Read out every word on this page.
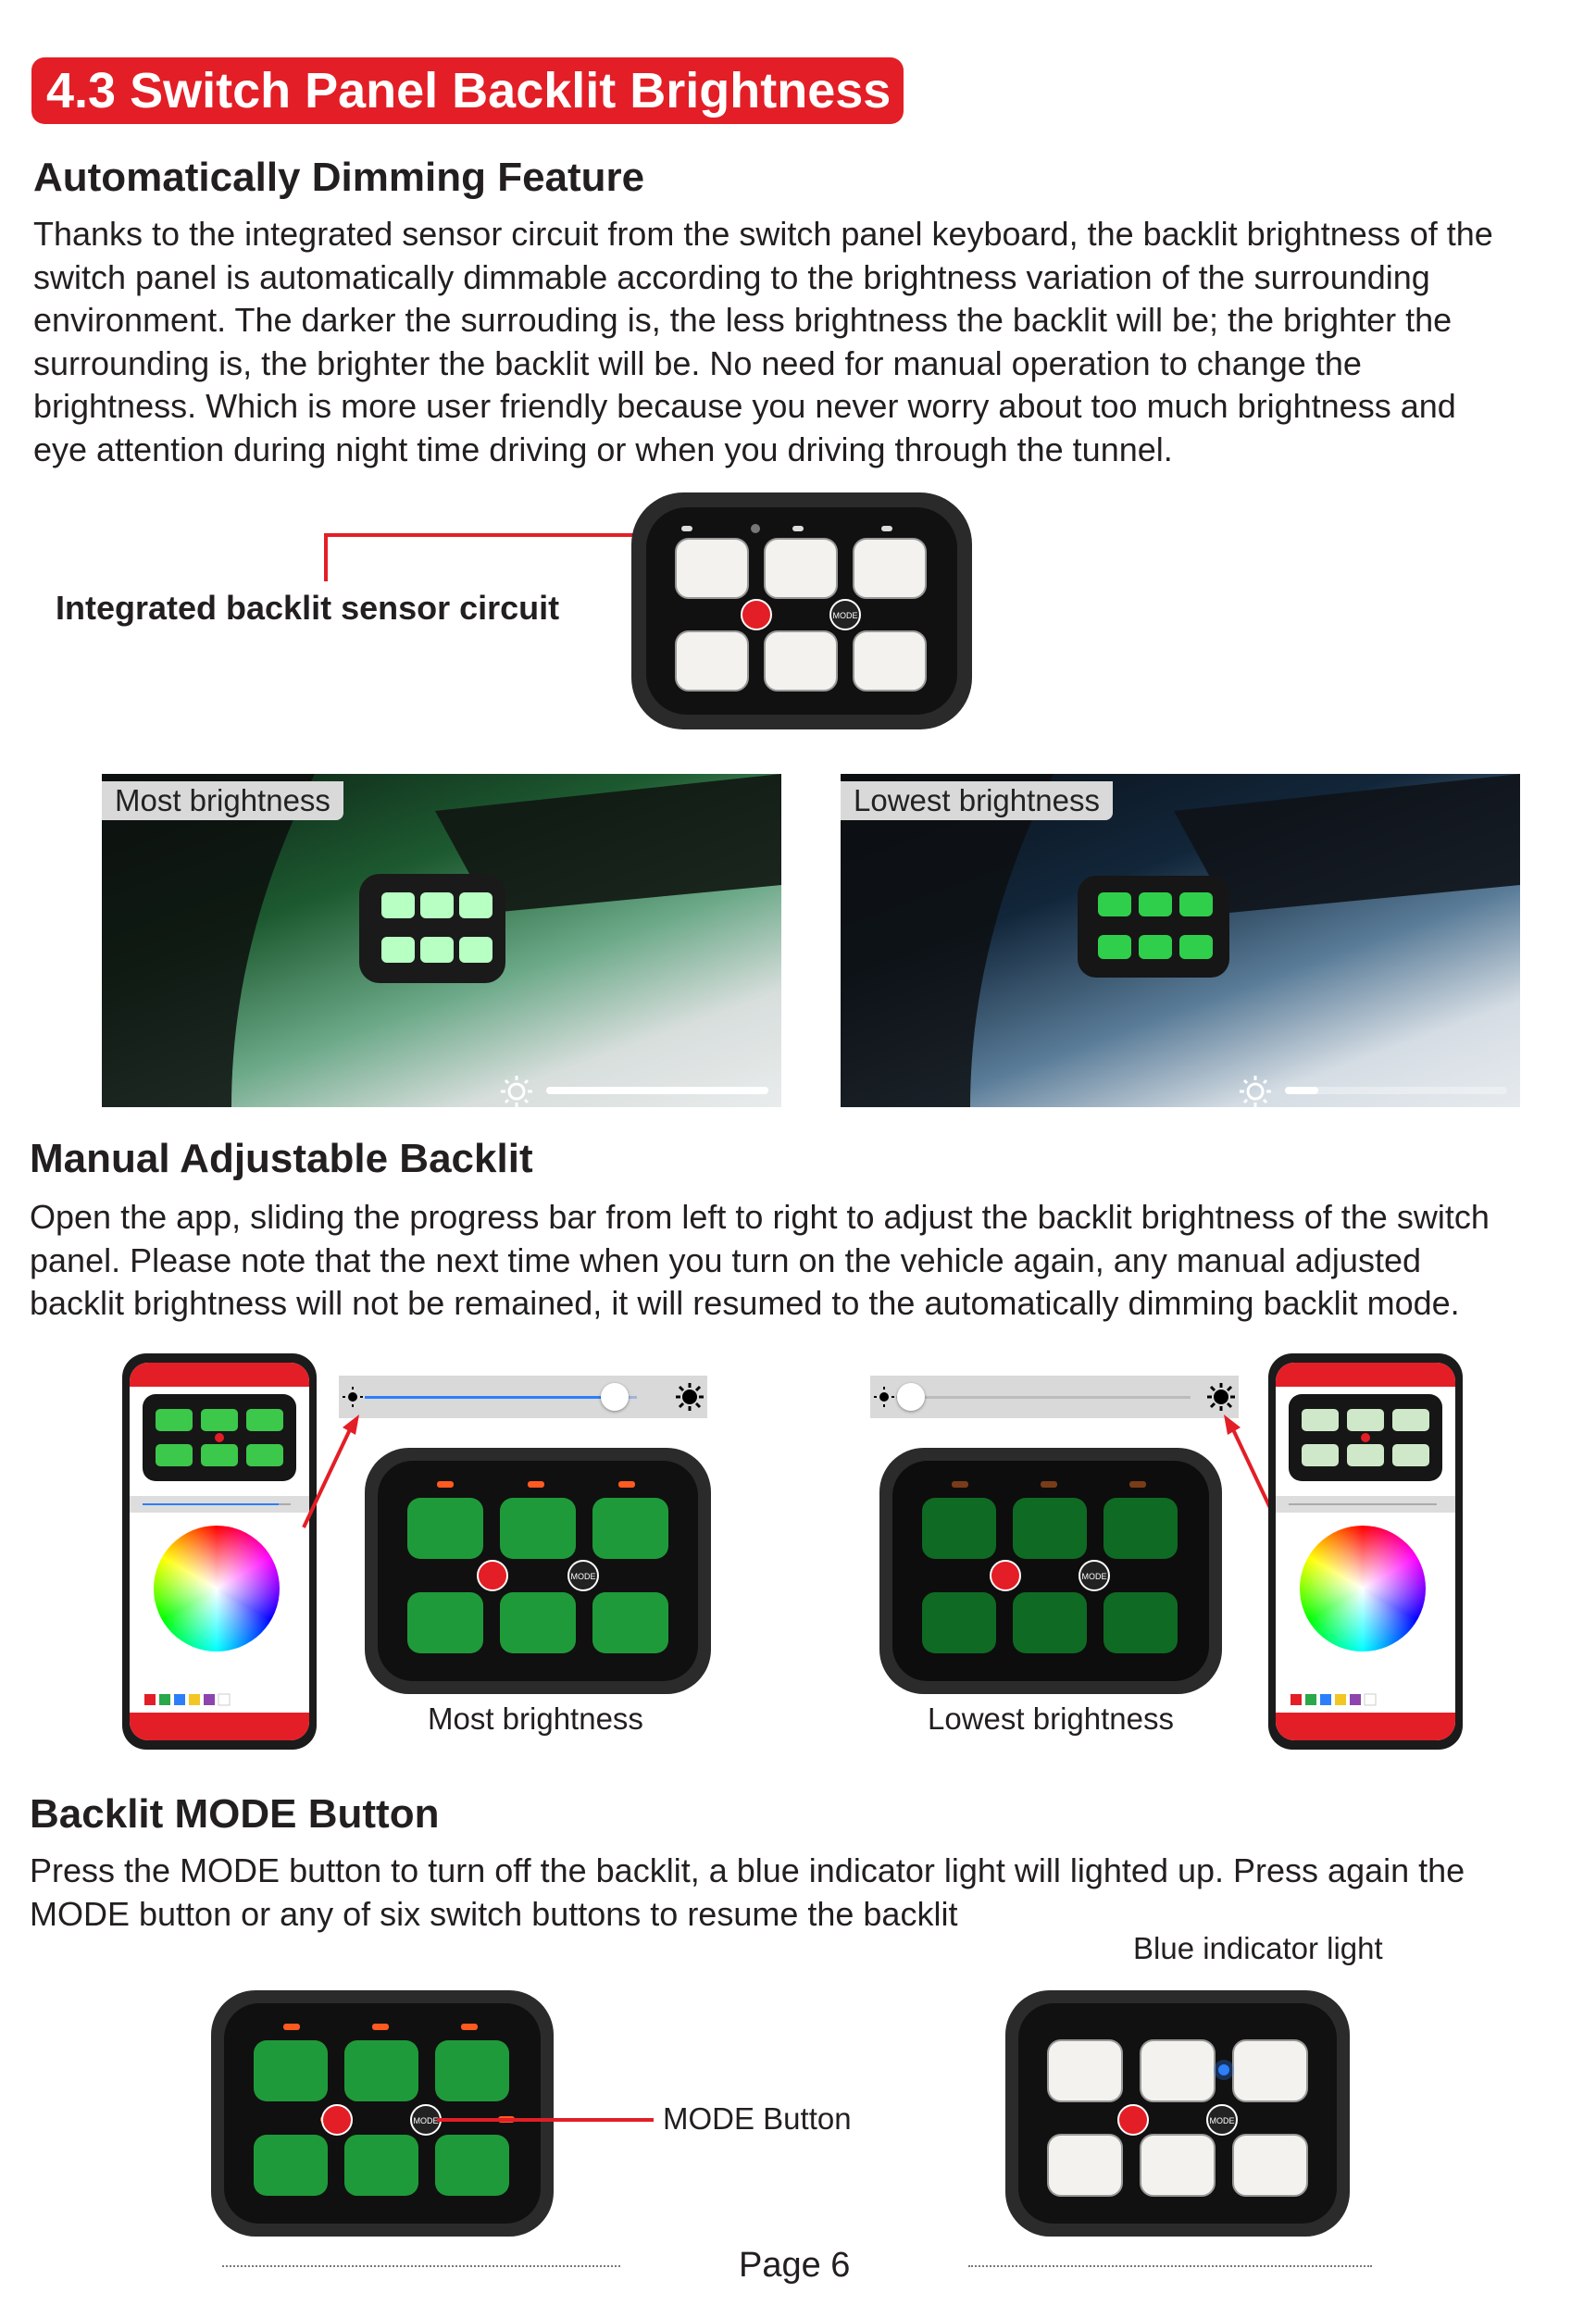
4.3 Switch Panel Backlit Brightness
Automatically Dimming Feature
Thanks to the integrated sensor circuit from the switch panel keyboard, the backlit brightness of the
switch panel is automatically dimmable according to the brightness variation of the surrounding
environment. The darker the surrouding is, the less brightness the backlit will be; the brighter the
surrounding is, the brighter the backlit will be. No need for manual operation to change the
brightness. Which is more user friendly because you never worry about too much brightness and
eye attention during night time driving or when you driving through the tunnel.
Integrated backlit sensor circuit	MODE
Most brightness	Lowest brightness
Manual Adjustable Backlit
Open the app, sliding the progress bar from left to right to adjust the backlit brightness of the switch
panel. Please note that the next time when you turn on the vehicle again, any manual adjusted
backlit brightness will not be remained, it will resumed to the automatically dimming backlit mode.
MODE
Most brightness
MODE
Lowest brightness
Backlit MODE Button
Press the MODE button to turn off the backlit, a blue indicator light will lighted up. Press again the
MODE button or any of six switch buttons to resume the backlit
Blue indicator light
MODE	MODE Button	MODE
Page 6
